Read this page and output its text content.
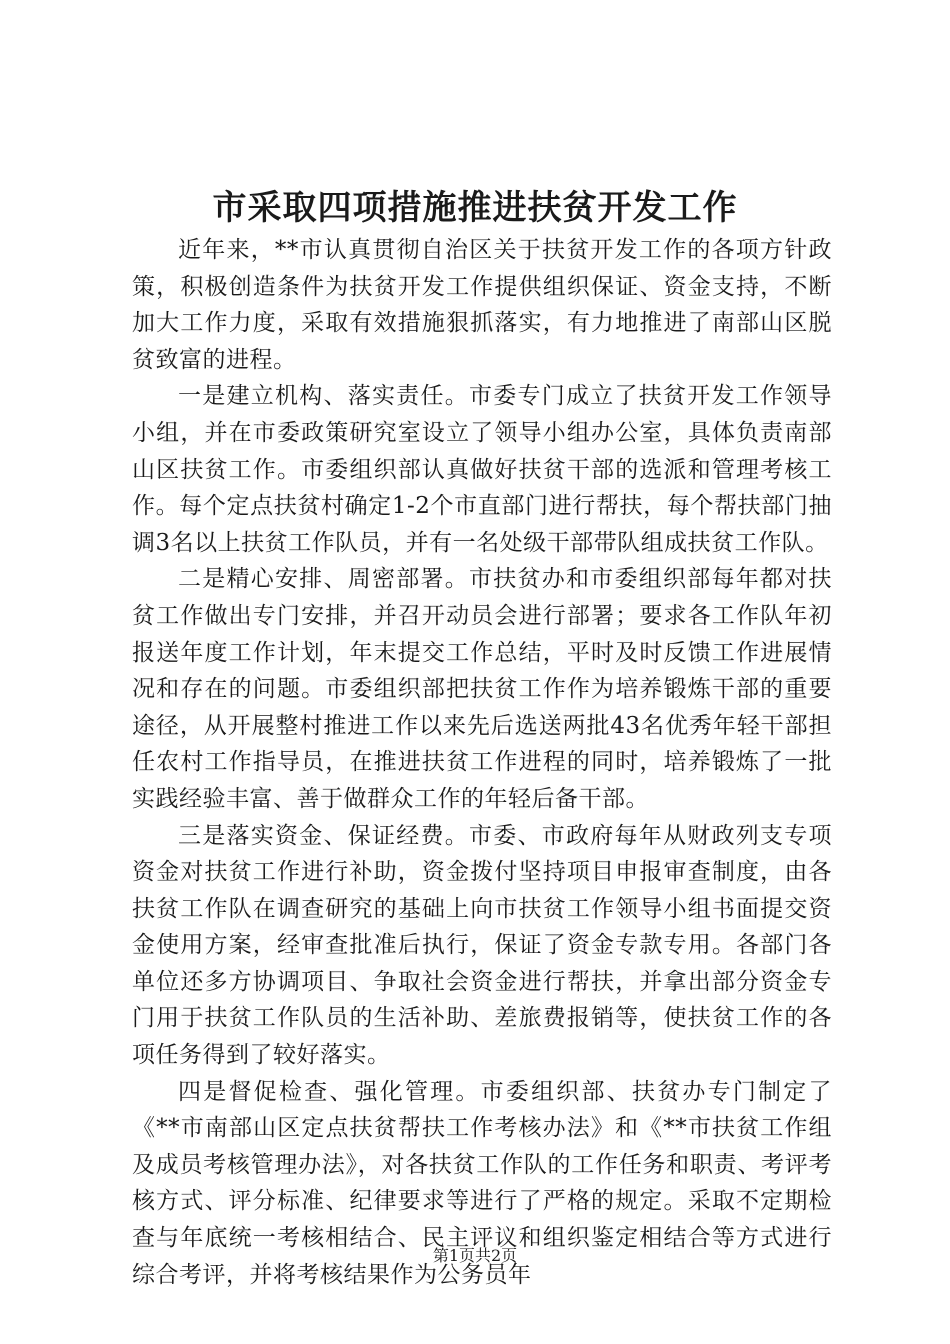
市采取四项措施推进扶贫开发工作

近年来，**市认真贯彻自治区关于扶贫开发工作的各项方针政策，积极创造条件为扶贫开发工作提供组织保证、资金支持，不断加大工作力度，采取有效措施狠抓落实，有力地推进了南部山区脱贫致富的进程。

一是建立机构、落实责任。市委专门成立了扶贫开发工作领导小组，并在市委政策研究室设立了领导小组办公室，具体负责南部山区扶贫工作。市委组织部认真做好扶贫干部的选派和管理考核工作。每个定点扶贫村确定1-2个市直部门进行帮扶，每个帮扶部门抽调3名以上扶贫工作队员，并有一名处级干部带队组成扶贫工作队。

二是精心安排、周密部署。市扶贫办和市委组织部每年都对扶贫工作做出专门安排，并召开动员会进行部署；要求各工作队年初报送年度工作计划，年末提交工作总结，平时及时反馈工作进展情况和存在的问题。市委组织部把扶贫工作作为培养锻炼干部的重要途径，从开展整村推进工作以来先后选送两批43名优秀年轻干部担任农村工作指导员，在推进扶贫工作进程的同时，培养锻炼了一批实践经验丰富、善于做群众工作的年轻后备干部。

三是落实资金、保证经费。市委、市政府每年从财政列支专项资金对扶贫工作进行补助，资金拨付坚持项目申报审查制度，由各扶贫工作队在调查研究的基础上向市扶贫工作领导小组书面提交资金使用方案，经审查批准后执行，保证了资金专款专用。各部门各单位还多方协调项目、争取社会资金进行帮扶，并拿出部分资金专门用于扶贫工作队员的生活补助、差旅费报销等，使扶贫工作的各项任务得到了较好落实。

四是督促检查、强化管理。市委组织部、扶贫办专门制定了《**市南部山区定点扶贫帮扶工作考核办法》和《**市扶贫工作组及成员考核管理办法》，对各扶贫工作队的工作任务和职责、考评考核方式、评分标准、纪律要求等进行了严格的规定。采取不定期检查与年底统一考核相结合、民主评议和组织鉴定相结合等方式进行综合考评，并将考核结果作为公务员年

第1页共2页
